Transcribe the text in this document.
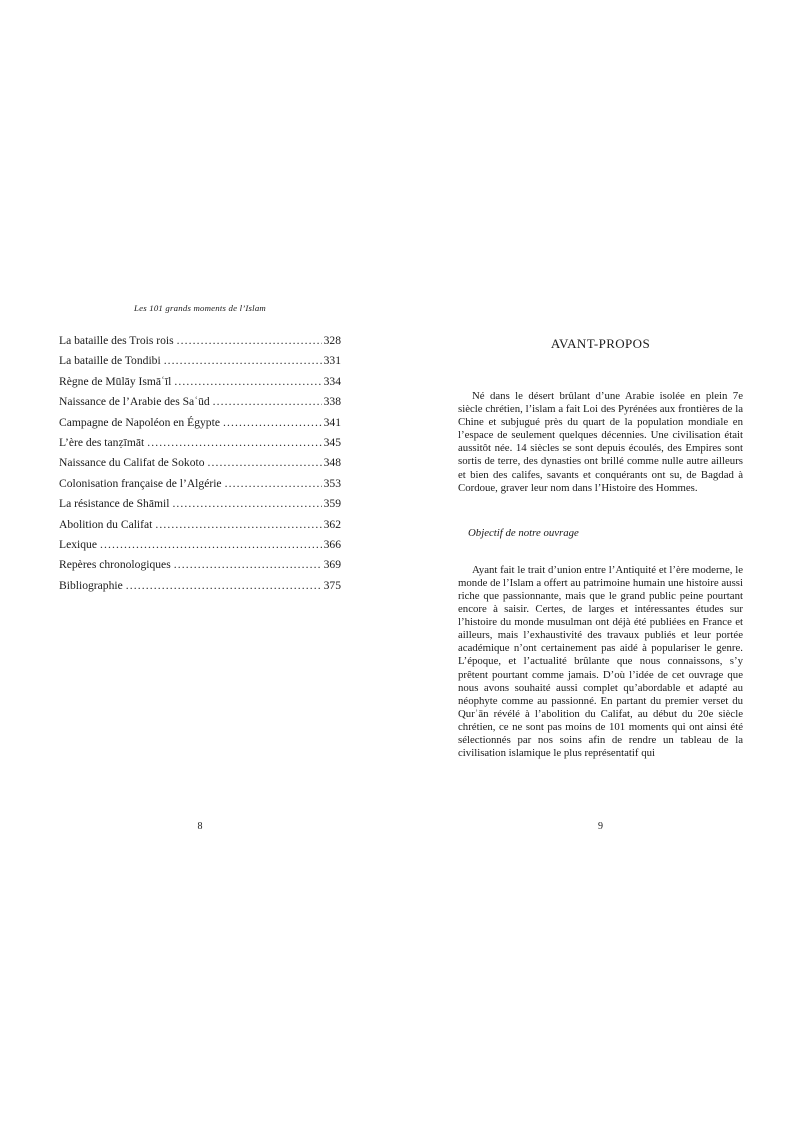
Les 101 grands moments de l’Islam
La bataille des Trois rois .....	328
La bataille de Tondibi .....	331
Règne de Mūlāy Ismāʿīl .....	334
Naissance de l’Arabie des Saʿūd .....	338
Campagne de Napoléon en Égypte .....	341
L’ère des tanẓīmāt .....	345
Naissance du Califat de Sokoto .....	348
Colonisation française de l’Algérie .....	353
La résistance de Shāmil .....	359
Abolition du Califat .....	362
Lexique .....	366
Repères chronologiques .....	369
Bibliographie .....	375
AVANT-PROPOS

Né dans le désert brûlant d’une Arabie isolée en plein 7e siècle chrétien, l’islam a fait Loi des Pyrénées aux frontières de la Chine et subjugué près du quart de la population mondiale en l’espace de seulement quelques décennies. Une civilisation était aussitôt née. 14 siècles se sont depuis écoulés, des Empires sont sortis de terre, des dynasties ont brillé comme nulle autre ailleurs et bien des califes, savants et conquérants ont su, de Bagdad à Cordoue, graver leur nom dans l’Histoire des Hommes.

Objectif de notre ouvrage

Ayant fait le trait d’union entre l’Antiquité et l’ère moderne, le monde de l’Islam a offert au patrimoine humain une histoire aussi riche que passionnante, mais que le grand public peine pourtant encore à saisir. Certes, de larges et intéressantes études sur l’histoire du monde musulman ont déjà été publiées en France et ailleurs, mais l’exhaustivité des travaux publiés et leur portée académique n’ont certainement pas aidé à populariser le genre. L’époque, et l’actualité brûlante que nous connaissons, s’y prêtent pourtant comme jamais. D’où l’idée de cet ouvrage que nous avons souhaité aussi complet qu’abordable et adapté au néophyte comme au passionné. En partant du premier verset du Qurʾān révélé à l’abolition du Califat, au début du 20e siècle chrétien, ce ne sont pas moins de 101 moments qui ont ainsi été sélectionnés par nos soins afin de rendre un tableau de la civilisation islamique le plus représentatif qui

8	9
